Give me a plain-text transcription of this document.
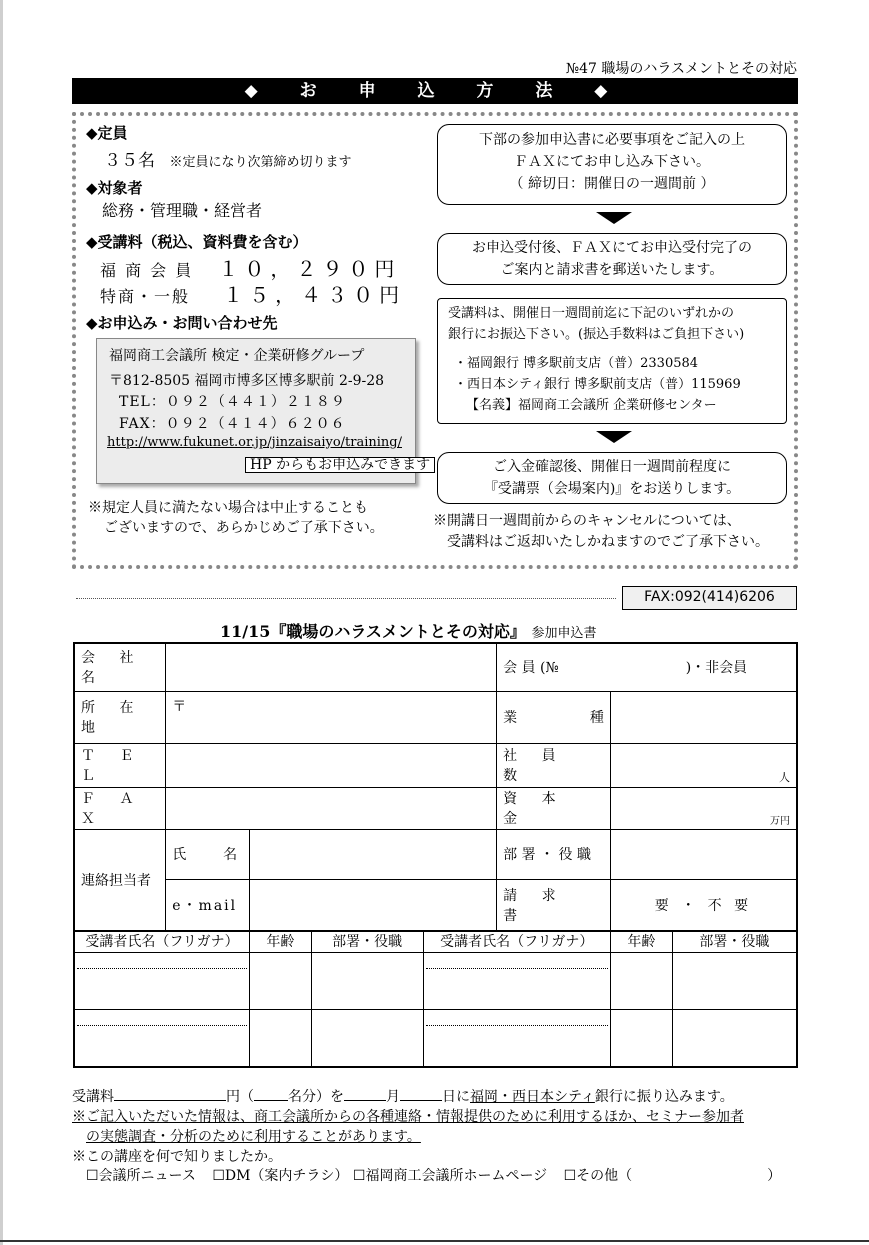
№47 職場のハラスメントとその対応
◆ お 申 込 方 法 ◆
◆定員
３５名 ※定員になり次第締め切ります
◆対象者
総務・管理職・経営者
◆受講料（税込、資料費を含む）
福 商 会 員 １０，２９０円
特商・一般 １５，４３０円
◆お申込み・お問い合わせ先
福岡商工会議所 検定・企業研修グループ
〒812-8505 福岡市博多区博多駅前 2-9-28
TEL：０９２（４４１）２１８９
FAX：０９２（４１４）６２０６
http://www.fukunet.or.jp/jinzaisaiyo/training/
HP からもお申込みできます
※規定人員に満たない場合は中止することも
ございますので、あらかじめご了承下さい。
下部の参加申込書に必要事項をご記入の上
ＦＡＸにてお申し込み下さい。
（ 締切日：開催日の一週間前 ）
お申込受付後、ＦＡＸにてお申込受付完了の
ご案内と請求書を郵送いたします。
受講料は、開催日一週間前迄に下記のいずれかの
銀行にお振込下さい。(振込手数料はご負担下さい)
・福岡銀行 博多駅前支店（普）2330584
・西日本シティ銀行 博多駅前支店（普）115969
【名義】福岡商工会議所 企業研修センター
ご入金確認後、開催日一週間前程度に
『受講票（会場案内)』をお送りします。
※開講日一週間前からのキャンセルについては、
受講料はご返却いたしかねますのでご了承下さい。
FAX:092(414)6206
11/15『職場のハラスメントとその対応』 参加申込書
会 社 名			会 員 (№ )・非会員	
所 在 地	〒		業 種	

Ｔ Ｅ Ｌ			社 員 数	人
Ｆ Ａ Ｘ			資 本 金	万円
連絡担当者	氏 名		部 署 ・ 役 職	
	e・mail		請 求 書	要 ・ 不 要
受講者氏名（フリガナ）	年齢	部署・役職	受講者氏名（フリガナ）	年齢	部署・役職

受講料	円（ 名分）を	月	日に福岡・西日本シティ銀行に振り込みます。
※ご記入いただいた情報は、商工会議所からの各種連絡・情報提供のために利用するほか、セミナー参加者
の実態調査・分析のために利用することがあります。
※この講座を何で知りましたか。
☐会議所ニュース ☐DM（案内チラシ） ☐福岡商工会議所ホームページ ☐その他（	）
